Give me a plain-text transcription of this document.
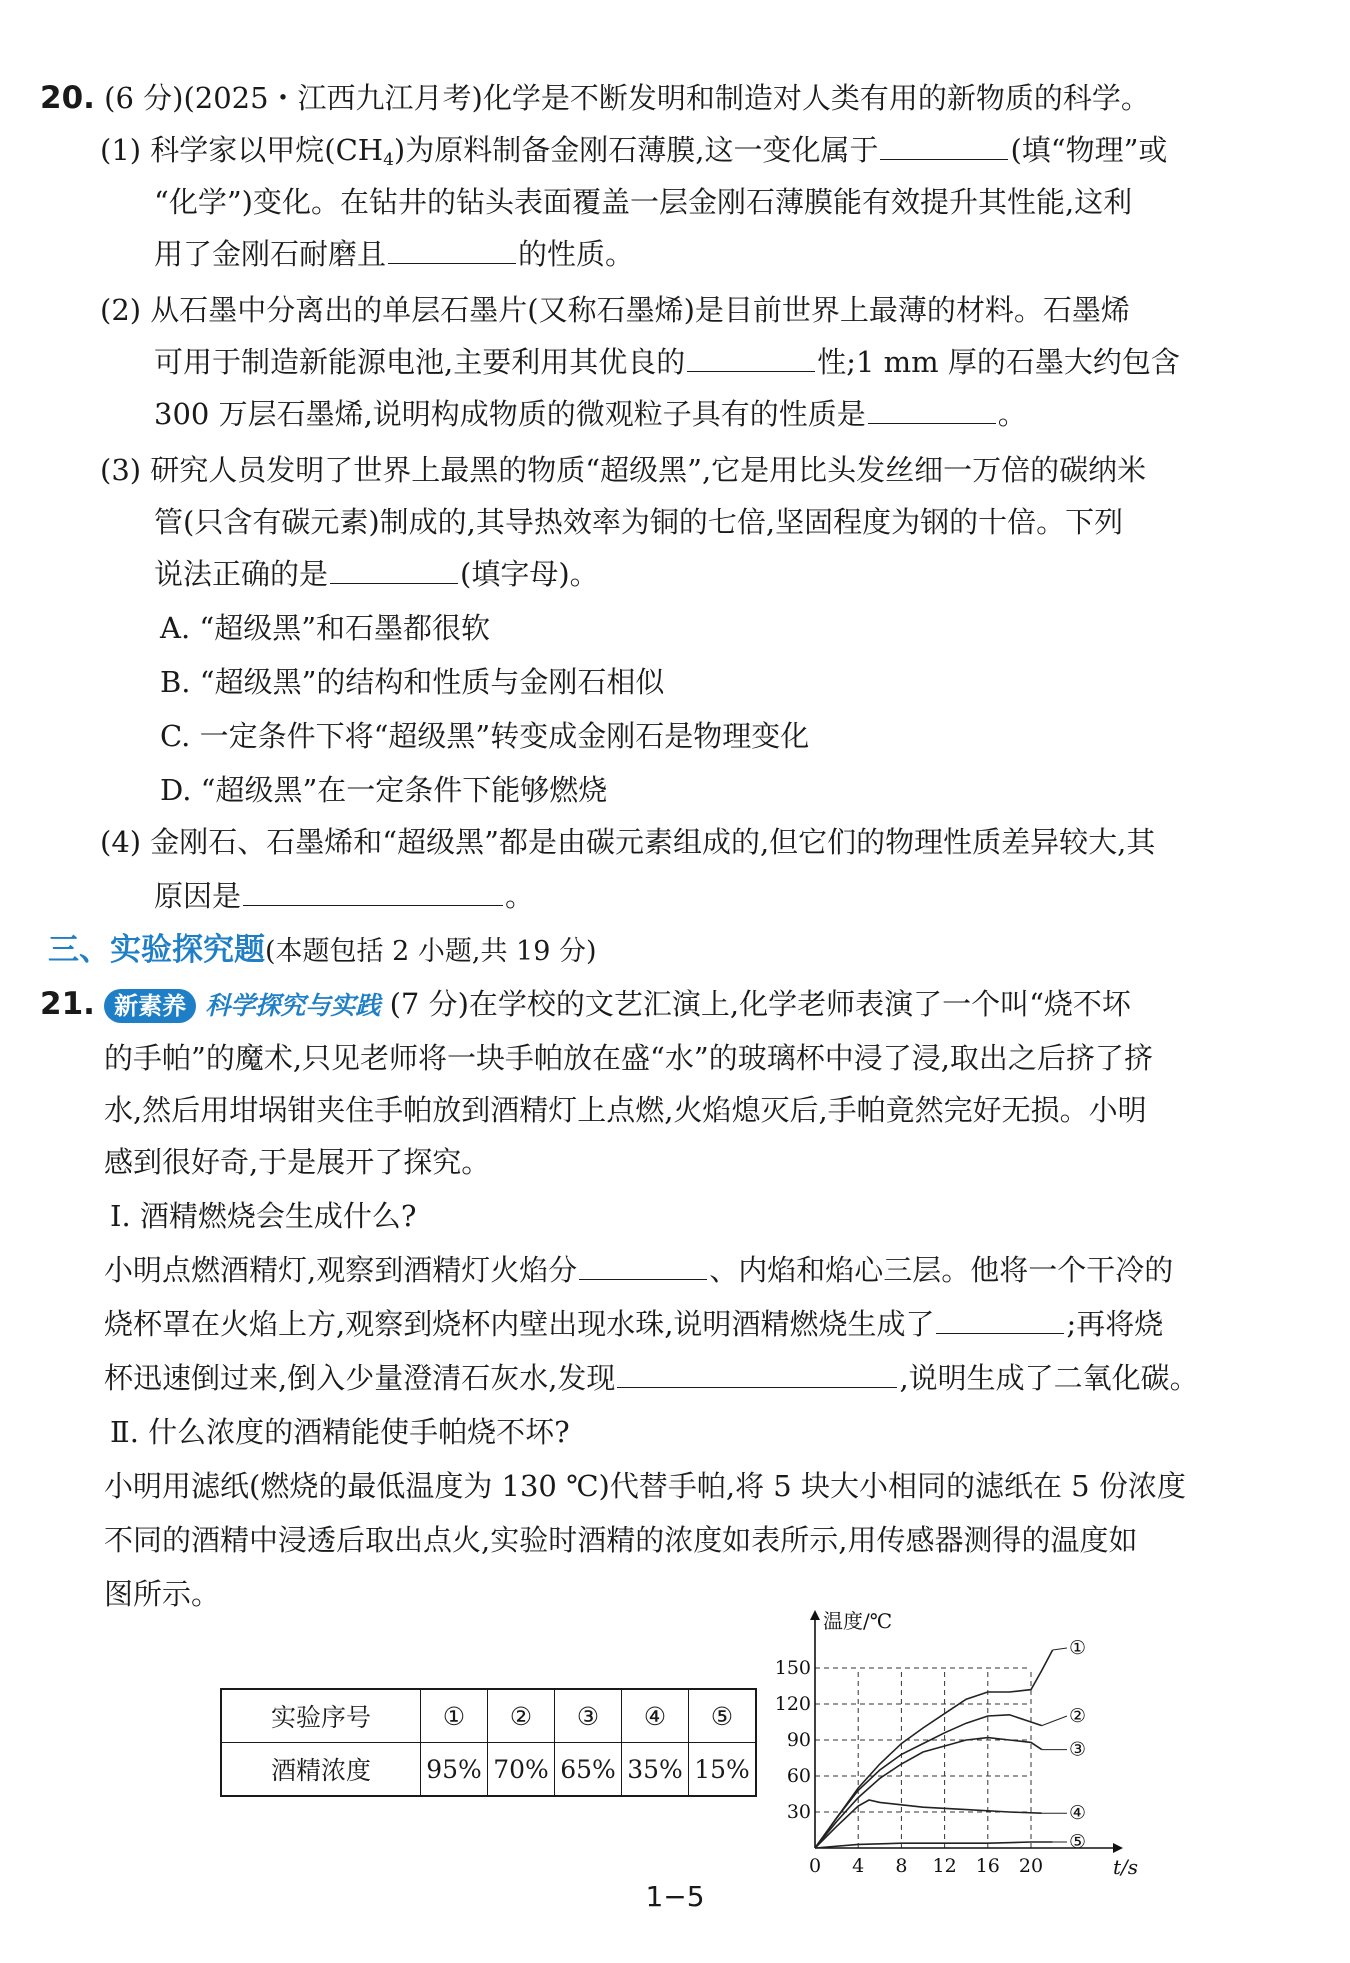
20. (6 分)(2025・江西九江月考)化学是不断发明和制造对人类有用的新物质的科学。
(1) 科学家以甲烷$(CH_4)$为原料制备金刚石薄膜,这一变化属于	(填“物理”或
“化学”)变化。在钻井的钻头表面覆盖一层金刚石薄膜能有效提升其性能,这利
用了金刚石耐磨且	的性质。
(2) 从石墨中分离出的单层石墨片(又称石墨烯)是目前世界上最薄的材料。石墨烯
可用于制造新能源电池,主要利用其优良的	性;1 mm 厚的石墨大约包含
300 万层石墨烯,说明构成物质的微观粒子具有的性质是	。
(3) 研究人员发明了世界上最黑的物质“超级黑”,它是用比头发丝细一万倍的碳纳米
管(只含有碳元素)制成的,其导热效率为铜的七倍,坚固程度为钢的十倍。下列
说法正确的是	(填字母)。
A. “超级黑”和石墨都很软
B. “超级黑”的结构和性质与金刚石相似
C. 一定条件下将“超级黑”转变成金刚石是物理变化
D. “超级黑”在一定条件下能够燃烧
(4) 金刚石、石墨烯和“超级黑”都是由碳元素组成的,但它们的物理性质差异较大,其
原因是	。
三、实验探究题(本题包括 2 小题,共 19 分)
21. 新素养 科学探究与实践 (7 分)在学校的文艺汇演上,化学老师表演了一个叫“烧不坏
的手帕”的魔术,只见老师将一块手帕放在盛“水”的玻璃杯中浸了浸,取出之后挤了挤
水,然后用坩埚钳夹住手帕放到酒精灯上点燃,火焰熄灭后,手帕竟然完好无损。小明
感到很好奇,于是展开了探究。
Ⅰ. 酒精燃烧会生成什么?
小明点燃酒精灯,观察到酒精灯火焰分	、内焰和焰心三层。他将一个干冷的
烧杯罩在火焰上方,观察到烧杯内壁出现水珠,说明酒精燃烧生成了	;再将烧
杯迅速倒过来,倒入少量澄清石灰水,发现	,说明生成了二氧化碳。
Ⅱ. 什么浓度的酒精能使手帕烧不坏?
小明用滤纸(燃烧的最低温度为 130 ℃)代替手帕,将 5 块大小相同的滤纸在 5 份浓度
不同的酒精中浸透后取出点火,实验时酒精的浓度如表所示,用传感器测得的温度如
图所示。
实验序号	①	②	③	④	⑤
酒精浓度	95%	70%	65%	35%	15%
0 4 8 12 16 20
30
60
90
120
150
温度/℃
t/s
①
②
③
④
⑤
1−5
